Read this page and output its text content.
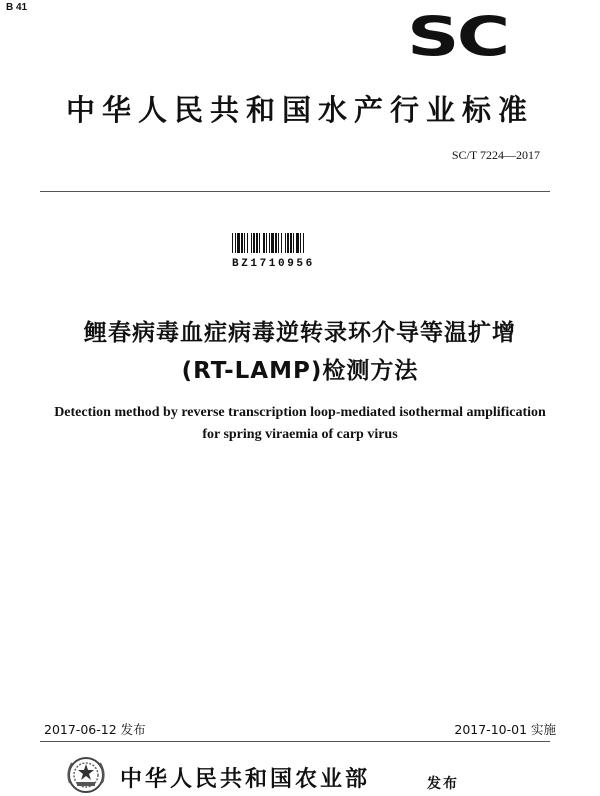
B 41	SC
中华人民共和国水产行业标准
SC/T 7224—2017
BZ1710956
鲤春病毒血症病毒逆转录环介导等温扩增
(RT-LAMP)检测方法
Detection method by reverse transcription loop-mediated isothermal amplification
for spring viraemia of carp virus
2017-06-12 发布	2017-10-01 实施
中华人民共和国农业部	发布
